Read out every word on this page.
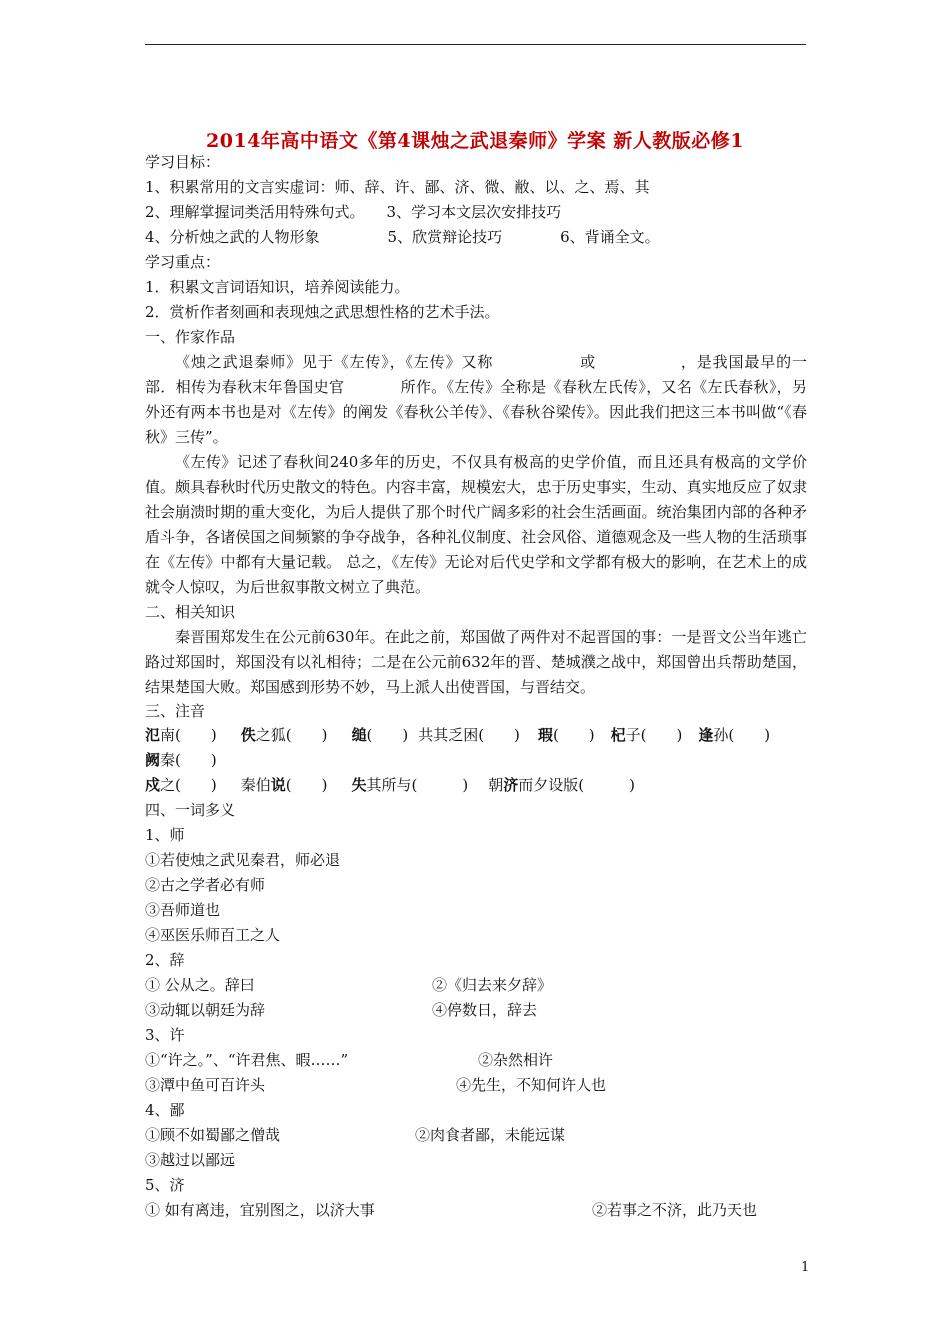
2014年高中语文《第4课烛之武退秦师》学案 新人教版必修1
学习目标：
1、积累常用的文言实虚词：师、辞、许、鄙、济、微、敝、以、之、焉、其
2、理解掌握词类活用特殊句式。 3、学习本文层次安排技巧
4、分析烛之武的人物形象	5、欣赏辩论技巧	6、背诵全文。
学习重点：
1．积累文言词语知识，培养阅读能力。
2．赏析作者刻画和表现烛之武思想性格的艺术手法。
一、作家作品
《烛之武退秦师》见于《左传》，《左传》又称	或	，是我国最早的一部．相传为春秋末年鲁国史官	所作。《左传》全称是《春秋左氏传》，又名《左氏春秋》，另外还有两本书也是对《左传》的阐发《春秋公羊传》、《春秋谷梁传》。因此我们把这三本书叫做“《春秋》三传”。
《左传》记述了春秋间240多年的历史，不仅具有极高的史学价值，而且还具有极高的文学价值。颇具春秋时代历史散文的特色。内容丰富，规模宏大，忠于历史事实，生动、真实地反应了奴隶社会崩溃时期的重大变化，为后人提供了那个时代广阔多彩的社会生活画面。统治集团内部的各种矛盾斗争，各诸侯国之间频繁的争夺战争，各种礼仪制度、社会风俗、道德观念及一些人物的生活琐事在《左传》中都有大量记载。 总之，《左传》无论对后代史学和文学都有极大的影响，在艺术上的成就令人惊叹，为后世叙事散文树立了典范。
二、相关知识
秦晋围郑发生在公元前630年。在此之前，郑国做了两件对不起晋国的事：一是晋文公当年逃亡路过郑国时，郑国没有以礼相待；二是在公元前632年的晋、楚城濮之战中，郑国曾出兵帮助楚国，结果楚国大败。郑国感到形势不妙，马上派人出使晋国，与晋结交。
三、注音
氾南(　　) 佚之狐(　　) 缒(　　) 共其乏困(　　) 瑕(　　) 杞子(　　) 逢孙(　　)
阙秦(　　)
戍之(　　) 秦伯说(　　) 失其所与(　　　) 朝济而夕设版(　　　)
四、一词多义
1、师
①若使烛之武见秦君，师必退
②古之学者必有师
③吾师道也
④巫医乐师百工之人
2、辞
① 公从之。辞曰	②《归去来夕辞》
③动辄以朝廷为辞	④停数日，辞去
3、许
①“许之。”、“许君焦、暇……”	②杂然相许
③潭中鱼可百许头	④先生，不知何许人也
4、鄙
①顾不如蜀鄙之僧哉	②肉食者鄙，未能远谋
③越过以鄙远
5、济
① 如有离违，宜别图之，以济大事	②若事之不济，此乃天也
1
